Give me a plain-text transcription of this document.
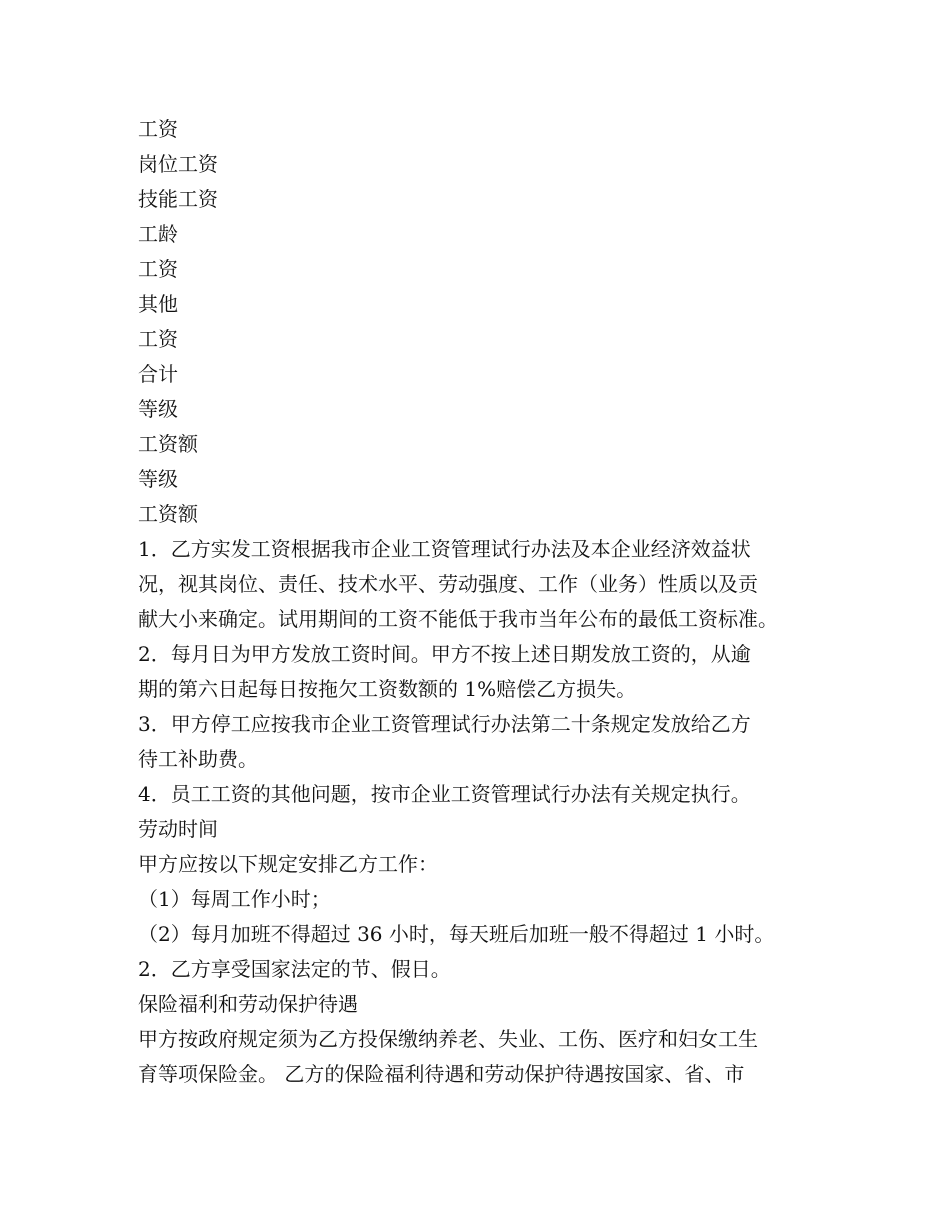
工资
岗位工资
技能工资
工龄
工资
其他
工资
合计
等级
工资额
等级
工资额
1．乙方实发工资根据我市企业工资管理试行办法及本企业经济效益状
况，视其岗位、责任、技术水平、劳动强度、工作（业务）性质以及贡
献大小来确定。试用期间的工资不能低于我市当年公布的最低工资标准。
2．每月日为甲方发放工资时间。甲方不按上述日期发放工资的，从逾
期的第六日起每日按拖欠工资数额的 1%赔偿乙方损失。
3．甲方停工应按我市企业工资管理试行办法第二十条规定发放给乙方
待工补助费。
4．员工工资的其他问题，按市企业工资管理试行办法有关规定执行。
劳动时间
甲方应按以下规定安排乙方工作：
（1）每周工作小时；
（2）每月加班不得超过 36 小时，每天班后加班一般不得超过 1 小时。
2．乙方享受国家法定的节、假日。
保险福利和劳动保护待遇
甲方按政府规定须为乙方投保缴纳养老、失业、工伤、医疗和妇女工生
育等项保险金。 乙方的保险福利待遇和劳动保护待遇按国家、省、市
